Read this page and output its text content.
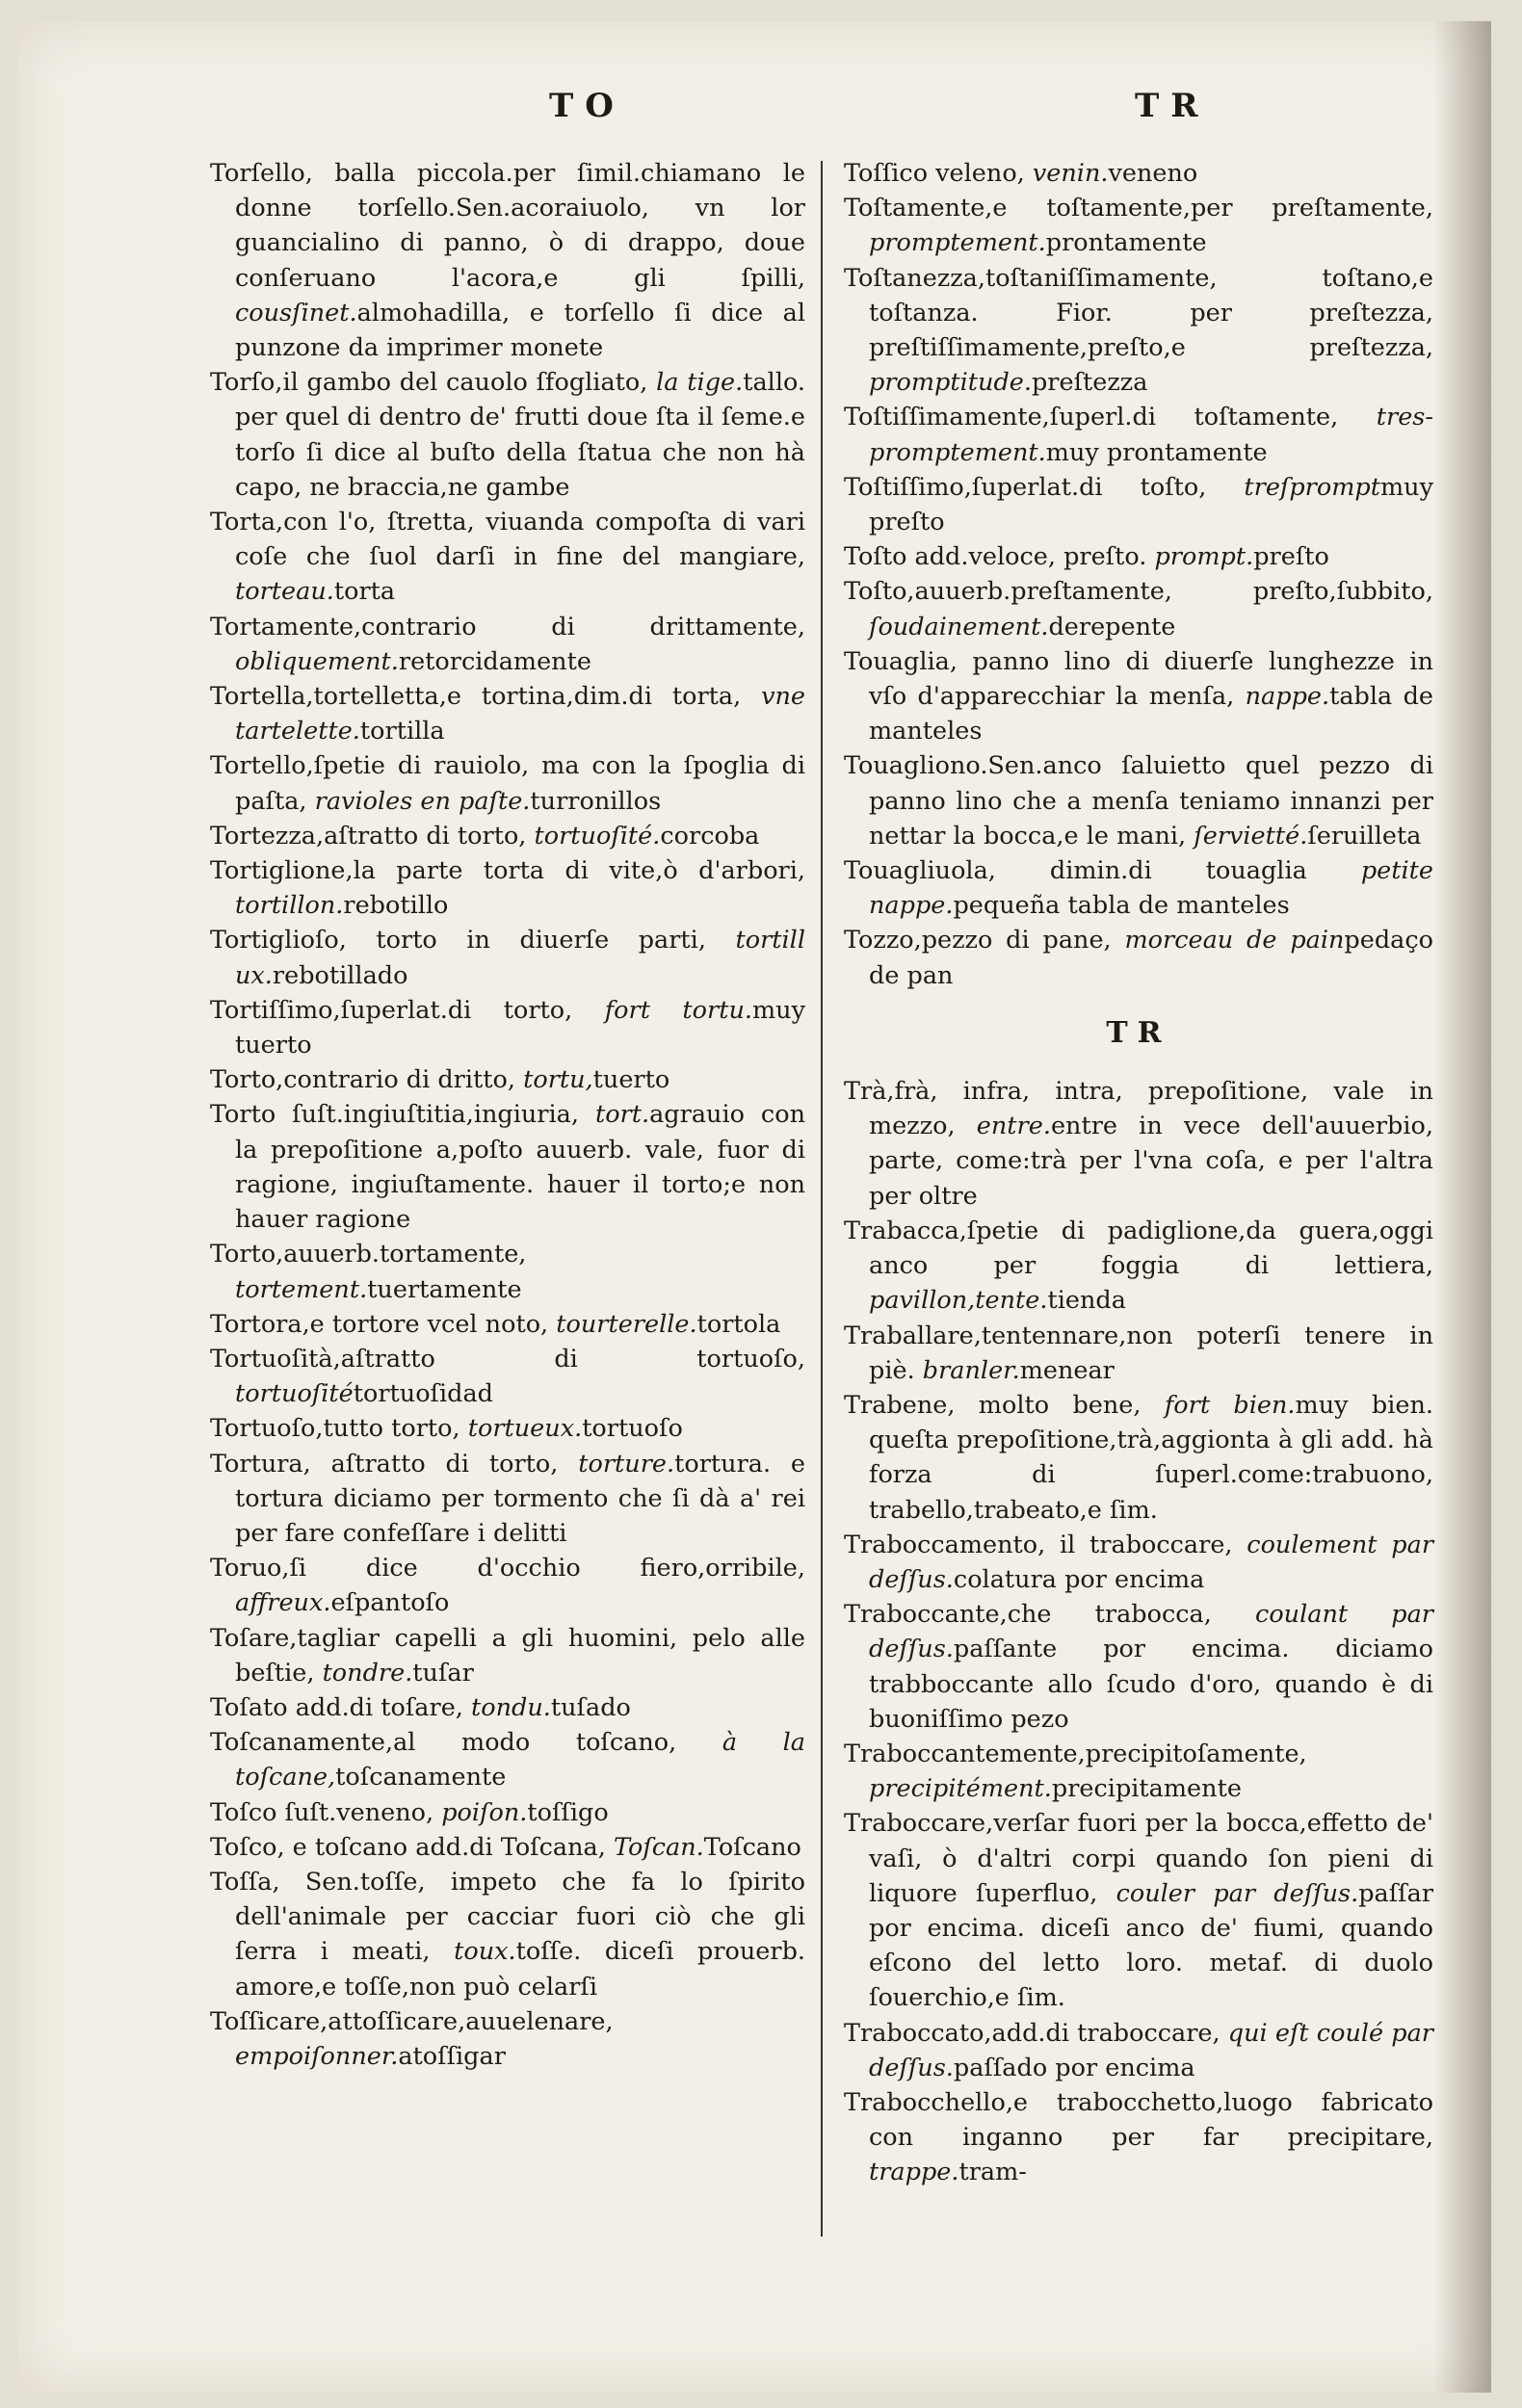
TO	TR

Torſello, balla piccola.per ſimil.chiamano le donne torſello.Sen.acoraiuolo, vn lor guancialino di panno, ò di drappo, doue conſeruano l'acora,e gli ſpilli, cousſinet.almohadilla, e torſello ſi dice al punzone da imprimer monete

Torſo,il gambo del cauolo ſfogliato, la tige.tallo. per quel di dentro de' frutti doue ſta il ſeme.e torſo ſi dice al buſto della ſtatua che non hà capo, ne braccia,ne gambe

Torta,con l'o, ſtretta, viuanda compoſta di vari coſe che ſuol darſi in fine del mangiare, torteau.torta

Tortamente,contrario di drittamente, obliquement.retorcidamente

Tortella,tortelletta,e tortina,dim.di torta, vne tartelette.tortilla

Tortello,ſpetie di rauiolo, ma con la ſpoglia di paſta, ravioles en paſte.turronillos

Tortezza,aſtratto di torto, tortuoſité.corcoba

Tortiglione,la parte torta di vite,ò d'arbori, tortillon.rebotillo

Tortiglioſo, torto in diuerſe parti, tortill ux.rebotillado

Tortiſſimo,ſuperlat.di torto, fort tortu.muy tuerto

Torto,contrario di dritto, tortu,tuerto

Torto ſuſt.ingiuſtitia,ingiuria, tort.agrauio con la prepoſitione a,poſto auuerb. vale, fuor di ragione, ingiuſtamente. hauer il torto;e non hauer ragione

Torto,auuerb.tortamente, tortement.tuertamente

Tortora,e tortore vcel noto, tourterelle.tortola

Tortuoſità,aſtratto di tortuoſo, tortuoſitétortuoſidad

Tortuoſo,tutto torto, tortueux.tortuoſo

Tortura, aſtratto di torto, torture.tortura. e tortura diciamo per tormento che ſi dà a' rei per fare confeſſare i delitti

Toruo,ſi dice d'occhio fiero,orribile, affreux.eſpantoſo

Toſare,tagliar capelli a gli huomini, pelo alle beſtie, tondre.tuſar

Toſato add.di toſare, tondu.tuſado

Toſcanamente,al modo toſcano, à la toſcane,toſcanamente

Toſco ſuſt.veneno, poiſon.toſſigo

Toſco, e toſcano add.di Toſcana, Toſcan.Toſcano

Toſſa, Sen.toſſe, impeto che fa lo ſpirito dell'animale per cacciar fuori ciò che gli ſerra i meati, toux.toſſe. diceſi prouerb. amore,e toſſe,non può celarſi

Toſſicare,attoſſicare,auuelenare, empoiſonner.atoſſigar

Toſſico veleno, venin.veneno

Toſtamente,e toſtamente,per preſtamente, promptement.prontamente

Toſtanezza,toſtaniſſimamente, toſtano,e toſtanza. Fior. per preſtezza, preſtiſſimamente,preſto,e preſtezza, promptitude.preſtezza

Toſtiſſimamente,ſuperl.di toſtamente, tres-promptement.muy prontamente

Toſtiſſimo,ſuperlat.di toſto, treſpromptmuy preſto

Toſto add.veloce, preſto. prompt.preſto

Toſto,auuerb.preſtamente, preſto,ſubbito, ſoudainement.derepente

Touaglia, panno lino di diuerſe lunghezze in vſo d'apparecchiar la menſa, nappe.tabla de manteles

Touagliono.Sen.anco ſaluietto quel pezzo di panno lino che a menſa teniamo innanzi per nettar la bocca,e le mani, ſervietté.ſeruilleta

Touagliuola, dimin.di touaglia petite nappe.pequeña tabla de manteles

Tozzo,pezzo di pane, morceau de painpedaço de pan

TR

Trà,frà, infra, intra, prepoſitione, vale in mezzo, entre.entre in vece dell'auuerbio, parte, come:trà per l'vna coſa, e per l'altra per oltre

Trabacca,ſpetie di padiglione,da guera,oggi anco per foggia di lettiera, pavillon,tente.tienda

Traballare,tentennare,non poterſi tenere in piè. branler.menear

Trabene, molto bene, fort bien.muy bien. queſta prepoſitione,trà,aggionta à gli add. hà forza di ſuperl.come:trabuono, trabello,trabeato,e ſim.

Traboccamento, il traboccare, coulement par deſſus.colatura por encima

Traboccante,che trabocca, coulant par deſſus.paſſante por encima. diciamo trabboccante allo ſcudo d'oro, quando è di buoniſſimo pezo

Traboccantemente,precipitoſamente, precipitément.precipitamente

Traboccare,verſar fuori per la bocca,effetto de' vaſi, ò d'altri corpi quando ſon pieni di liquore ſuperfluo, couler par deſſus.paſſar por encima. diceſi anco de' fiumi, quando eſcono del letto loro. metaf. di duolo ſouerchio,e ſim.

Traboccato,add.di traboccare, qui eſt coulé par deſſus.paſſado por encima

Trabocchello,e trabocchetto,luogo fabricato con inganno per far precipitare, trappe.tram-
